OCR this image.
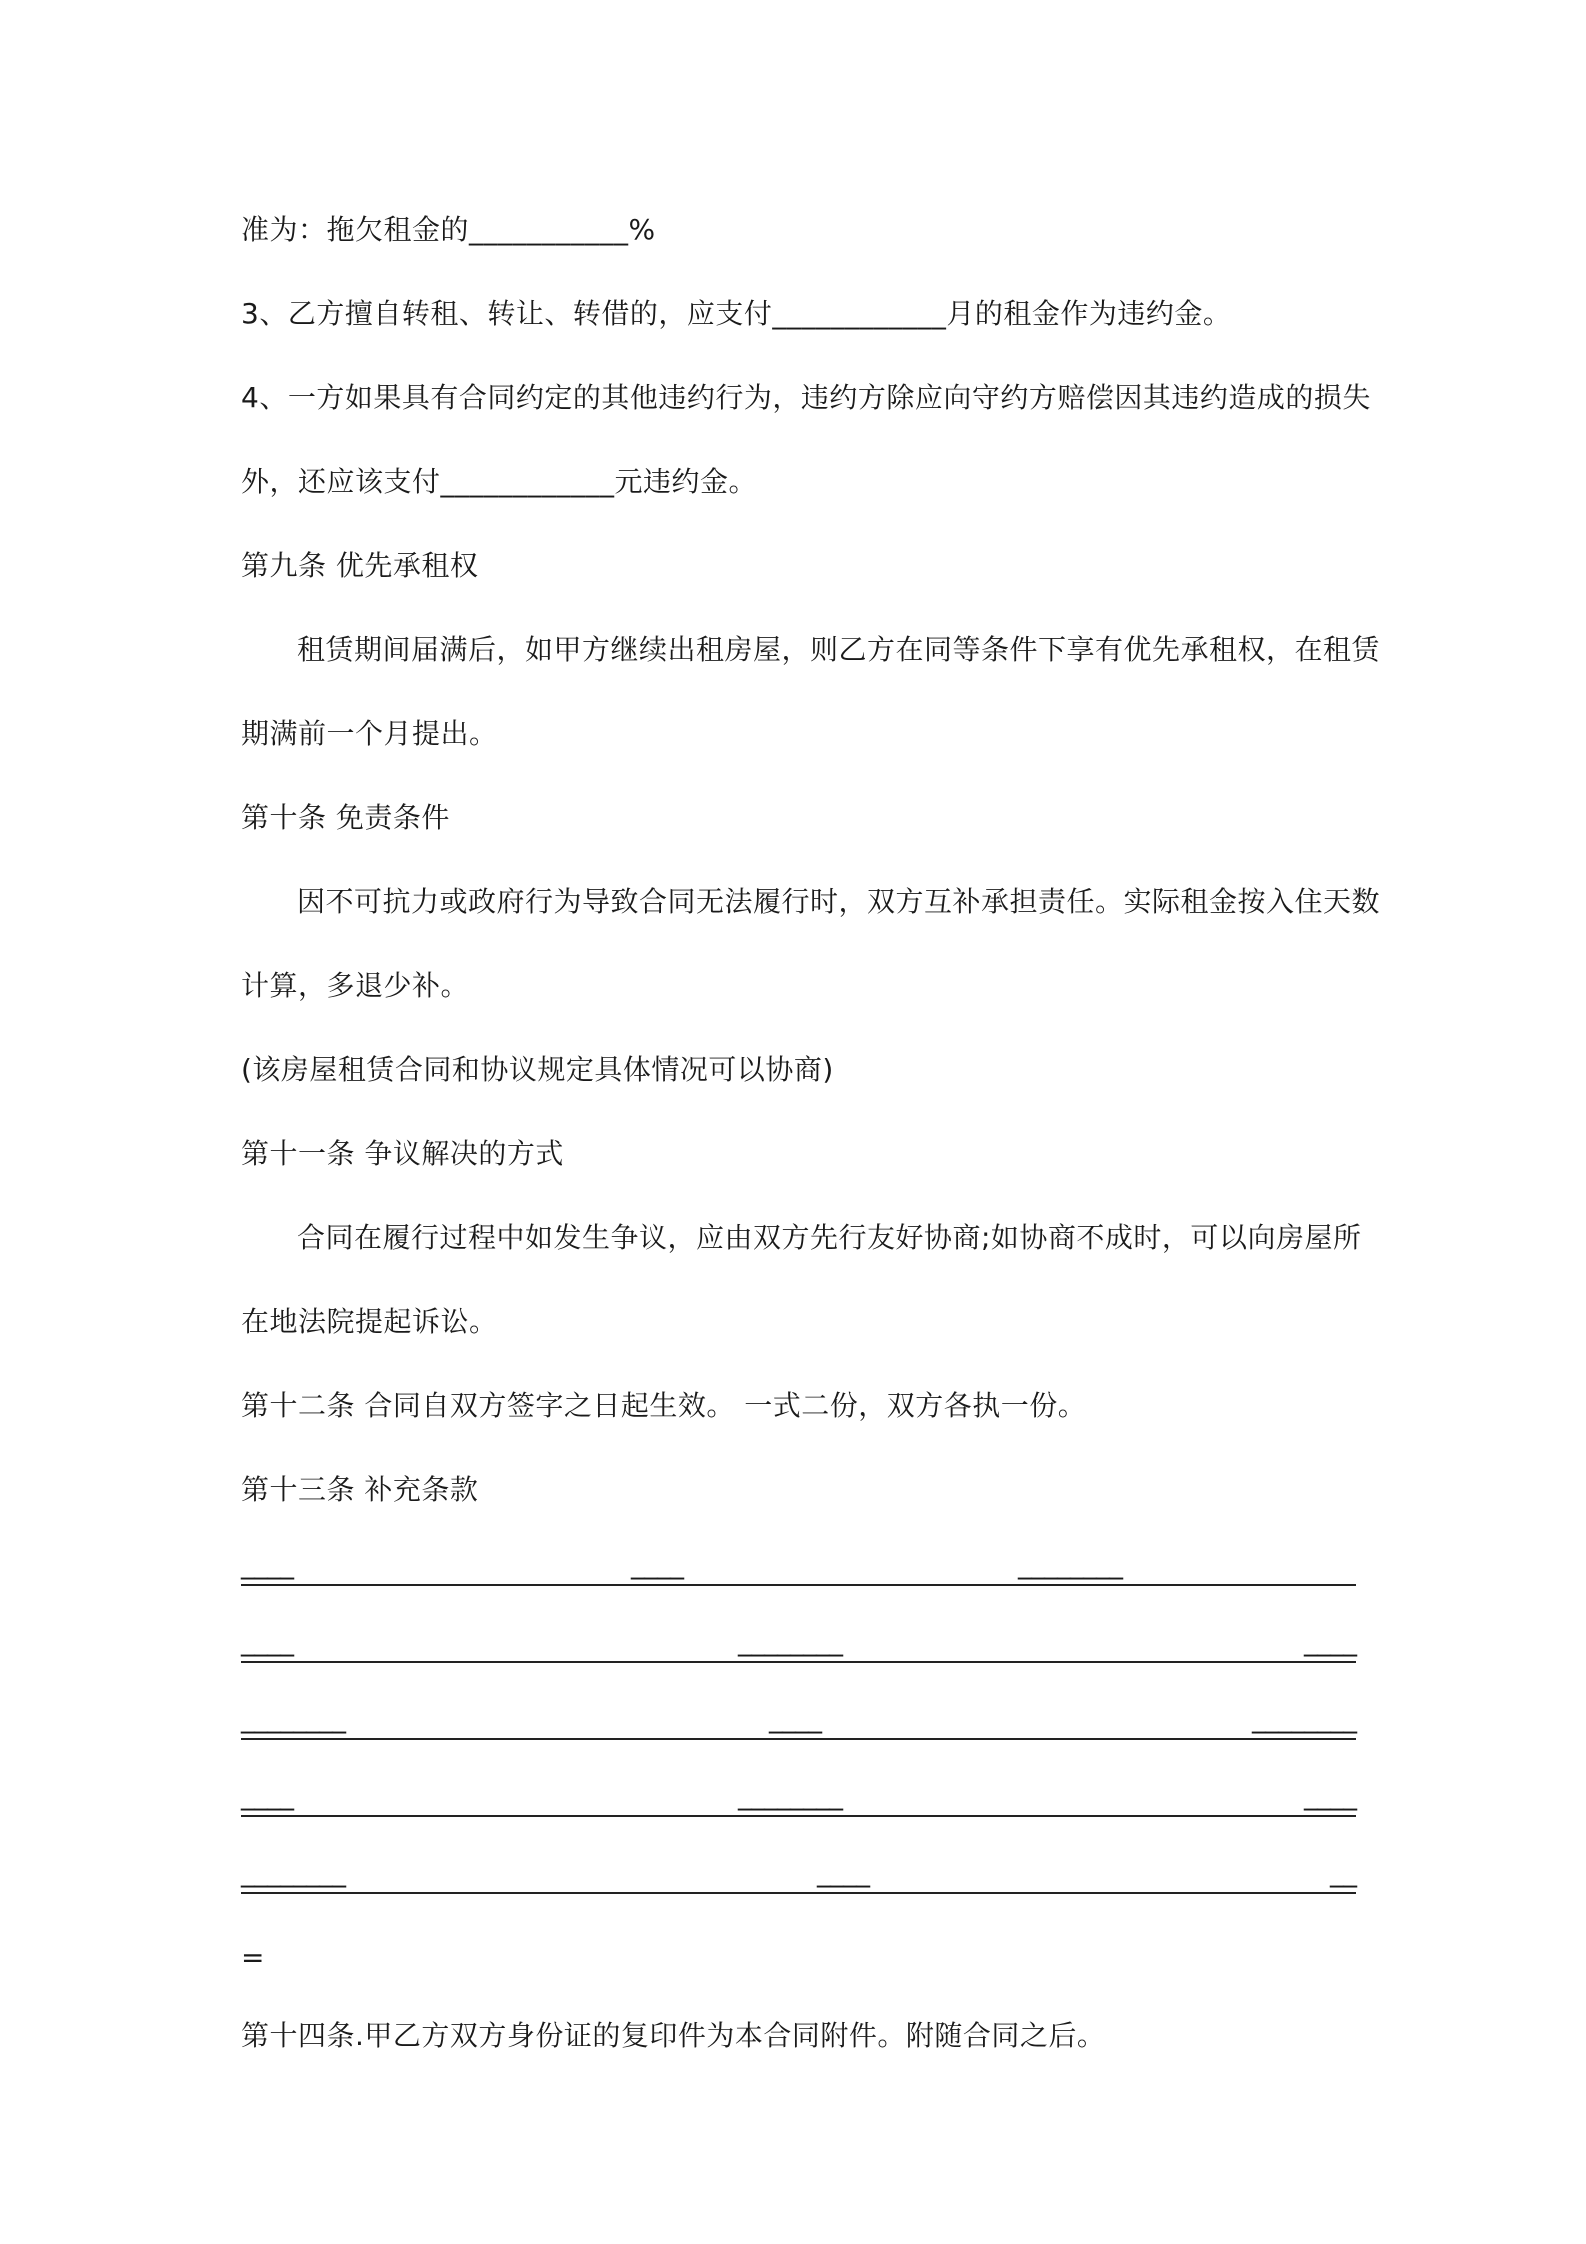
准为：拖欠租金的___________%
3、乙方擅自转租、转让、转借的，应支付____________月的租金作为违约金。
4、一方如果具有合同约定的其他违约行为，违约方除应向守约方赔偿因其违约造成的损失
外，还应该支付____________元违约金。
第九条 优先承租权
租赁期间届满后，如甲方继续出租房屋，则乙方在同等条件下享有优先承租权，在租赁
期满前一个月提出。
第十条 免责条件
因不可抗力或政府行为导致合同无法履行时，双方互补承担责任。实际租金按入住天数
计算，多退少补。
(该房屋租赁合同和协议规定具体情况可以协商)
第十一条 争议解决的方式
合同在履行过程中如发生争议，应由双方先行友好协商;如协商不成时，可以向房屋所
在地法院提起诉讼。
第十二条 合同自双方签字之日起生效。 一式二份，双方各执一份。
第十三条 补充条款
____	____	________
____	________	____
________	____	________
____	________	____
________	____	__
=
第十四条.甲乙方双方身份证的复印件为本合同附件。附随合同之后。
